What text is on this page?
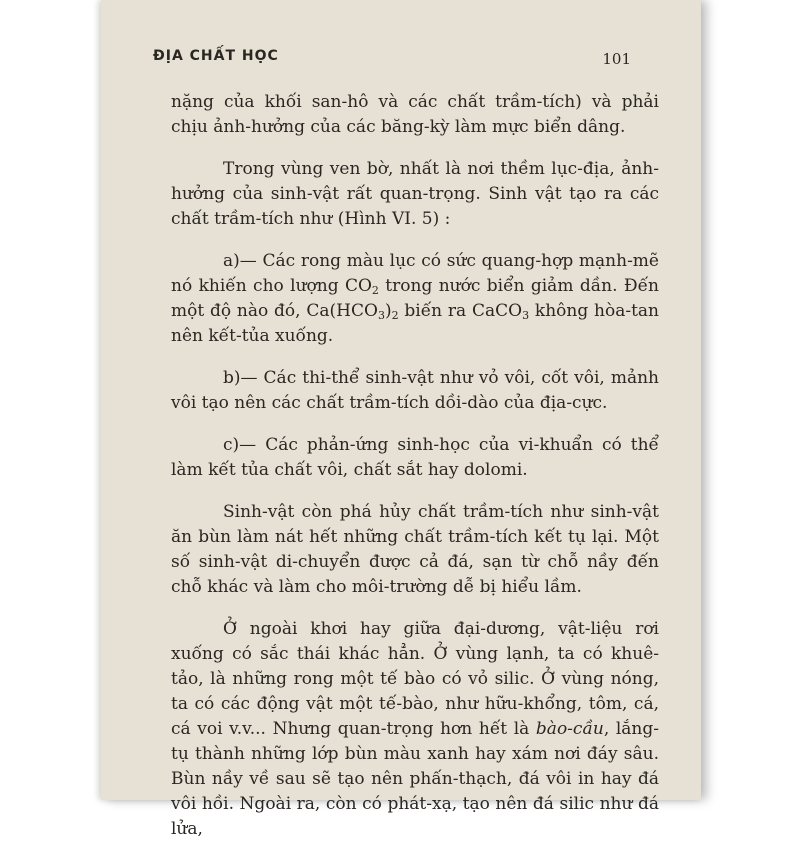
ĐỊA CHẤT HỌC	101

nặng của khối san-hô và các chất trầm-tích) và phải chịu ảnh-hưởng của các băng-kỳ làm mực biển dâng.

Trong vùng ven bờ, nhất là nơi thềm lục-địa, ảnh-hưởng của sinh-vật rất quan-trọng. Sinh vật tạo ra các chất trầm-tích như (Hình VI. 5) :

a)— Các rong màu lục có sức quang-hợp mạnh-mẽ nó khiến cho lượng $CO_2$ trong nước biển giảm dần. Đến một độ nào đó, $Ca(HCO_3)_2$ biến ra CaCO$_3$ không hòa-tan nên kết-tủa xuống.

b)— Các thi-thể sinh-vật như vỏ vôi, cốt vôi, mảnh vôi tạo nên các chất trầm-tích dồi-dào của địa-cực.

c)— Các phản-ứng sinh-học của vi-khuẩn có thể làm kết tủa chất vôi, chất sắt hay dolomi.

Sinh-vật còn phá hủy chất trầm-tích như sinh-vật ăn bùn làm nát hết những chất trầm-tích kết tụ lại. Một số sinh-vật di-chuyển được cả đá, sạn từ chỗ nầy đến chỗ khác và làm cho môi-trường dễ bị hiểu lầm.

Ở ngoài khơi hay giữa đại-dương, vật-liệu rơi xuống có sắc thái khác hẳn. Ở vùng lạnh, ta có khuê-tảo, là những rong một tế bào có vỏ silic. Ở vùng nóng, ta có các động vật một tế-bào, như hữu-khổng, tôm, cá, cá voi v.v... Nhưng quan-trọng hơn hết là bào-cầu, lắng-tụ thành những lớp bùn màu xanh hay xám nơi đáy sâu. Bùn nầy về sau sẽ tạo nên phấn-thạch, đá vôi in hay đá vôi hồi. Ngoài ra, còn có phát-xạ, tạo nên đá silic như đá lửa,
